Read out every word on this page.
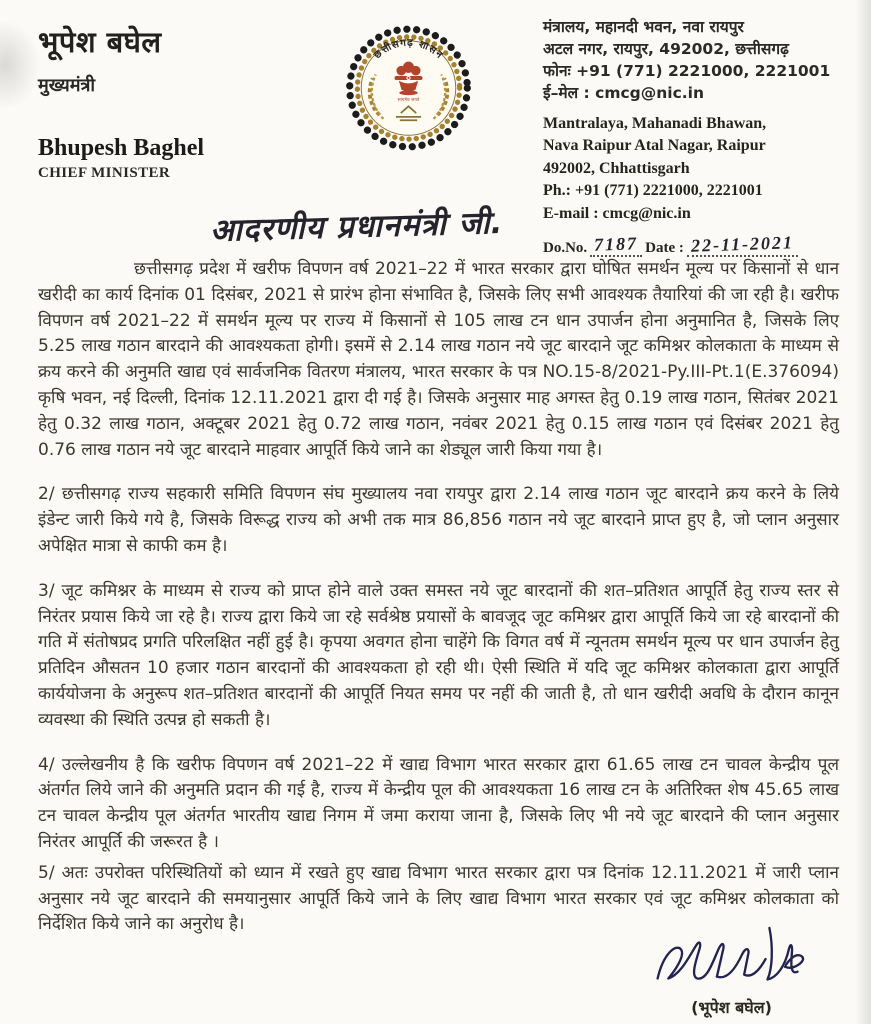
भूपेश बघेल
मुख्यमंत्री
Bhupesh Baghel
CHIEF MINISTER
छत्तीसगढ़ शासन
सत्यमेव जयते
मंत्रालय, महानदी भवन, नवा रायपुर
अटल नगर, रायपुर, 492002, छत्तीसगढ़
फोनः +91 (771) 2221000, 2221001
ई–मेल : cmcg@nic.in
Mantralaya, Mahanadi Bhawan,
Nava Raipur Atal Nagar, Raipur
492002, Chhattisgarh
Ph.: +91 (771) 2221000, 2221001
E-mail : cmcg@nic.in
Do.No. 7187 Date : 22-11-2021
आदरणीय प्रधानमंत्री जी.

छत्तीसगढ़ प्रदेश में खरीफ विपणन वर्ष 2021–22 में भारत सरकार द्वारा घोषित समर्थन मूल्य पर किसानों से धान खरीदी का कार्य दिनांक 01 दिसंबर, 2021 से प्रारंभ होना संभावित है, जिसके लिए सभी आवश्यक तैयारियां की जा रही है। खरीफ विपणन वर्ष 2021–22 में समर्थन मूल्य पर राज्य में किसानों से 105 लाख टन धान उपार्जन होना अनुमानित है, जिसके लिए 5.25 लाख गठान बारदाने की आवश्यकता होगी। इसमें से 2.14 लाख गठान नये जूट बारदाने जूट कमिश्नर कोलकाता के माध्यम से क्रय करने की अनुमति खाद्य एवं सार्वजनिक वितरण मंत्रालय, भारत सरकार के पत्र NO.15-8/2021-Py.III-Pt.1(E.376094) कृषि भवन, नई दिल्ली, दिनांक 12.11.2021 द्वारा दी गई है। जिसके अनुसार माह अगस्त हेतु 0.19 लाख गठान, सितंबर 2021 हेतु 0.32 लाख गठान, अक्टूबर 2021 हेतु 0.72 लाख गठान, नवंबर 2021 हेतु 0.15 लाख गठान एवं दिसंबर 2021 हेतु 0.76 लाख गठान नये जूट बारदाने माहवार आपूर्ति किये जाने का शेड्यूल जारी किया गया है।

2/ छत्तीसगढ़ राज्य सहकारी समिति विपणन संघ मुख्यालय नवा रायपुर द्वारा 2.14 लाख गठान जूट बारदाने क्रय करने के लिये इंडेन्ट जारी किये गये है, जिसके विरूद्ध राज्य को अभी तक मात्र 86,856 गठान नये जूट बारदाने प्राप्त हुए है, जो प्लान अनुसार अपेक्षित मात्रा से काफी कम है।

3/ जूट कमिश्नर के माध्यम से राज्य को प्राप्त होने वाले उक्त समस्त नये जूट बारदानों की शत–प्रतिशत आपूर्ति हेतु राज्य स्तर से निरंतर प्रयास किये जा रहे है। राज्य द्वारा किये जा रहे सर्वश्रेष्ठ प्रयासों के बावजूद जूट कमिश्नर द्वारा आपूर्ति किये जा रहे बारदानों की गति में संतोषप्रद प्रगति परिलक्षित नहीं हुई है। कृपया अवगत होना चाहेंगे कि विगत वर्ष में न्यूनतम समर्थन मूल्य पर धान उपार्जन हेतु प्रतिदिन औसतन 10 हजार गठान बारदानों की आवश्यकता हो रही थी। ऐसी स्थिति में यदि जूट कमिश्नर कोलकाता द्वारा आपूर्ति कार्ययोजना के अनुरूप शत–प्रतिशत बारदानों की आपूर्ति नियत समय पर नहीं की जाती है, तो धान खरीदी अवधि के दौरान कानून व्यवस्था की स्थिति उत्पन्न हो सकती है।

4/ उल्लेखनीय है कि खरीफ विपणन वर्ष 2021–22 में खाद्य विभाग भारत सरकार द्वारा 61.65 लाख टन चावल केन्द्रीय पूल अंतर्गत लिये जाने की अनुमति प्रदान की गई है, राज्य में केन्द्रीय पूल की आवश्यकता 16 लाख टन के अतिरिक्त शेष 45.65 लाख टन चावल केन्द्रीय पूल अंतर्गत भारतीय खाद्य निगम में जमा कराया जाना है, जिसके लिए भी नये जूट बारदाने की प्लान अनुसार निरंतर आपूर्ति की जरूरत है ।

5/ अतः उपरोक्त परिस्थितियों को ध्यान में रखते हुए खाद्य विभाग भारत सरकार द्वारा पत्र दिनांक 12.11.2021 में जारी प्लान अनुसार नये जूट बारदाने की समयानुसार आपूर्ति किये जाने के लिए खाद्य विभाग भारत सरकार एवं जूट कमिश्नर कोलकाता को निर्देशित किये जाने का अनुरोध है।

(भूपेश बघेल)
